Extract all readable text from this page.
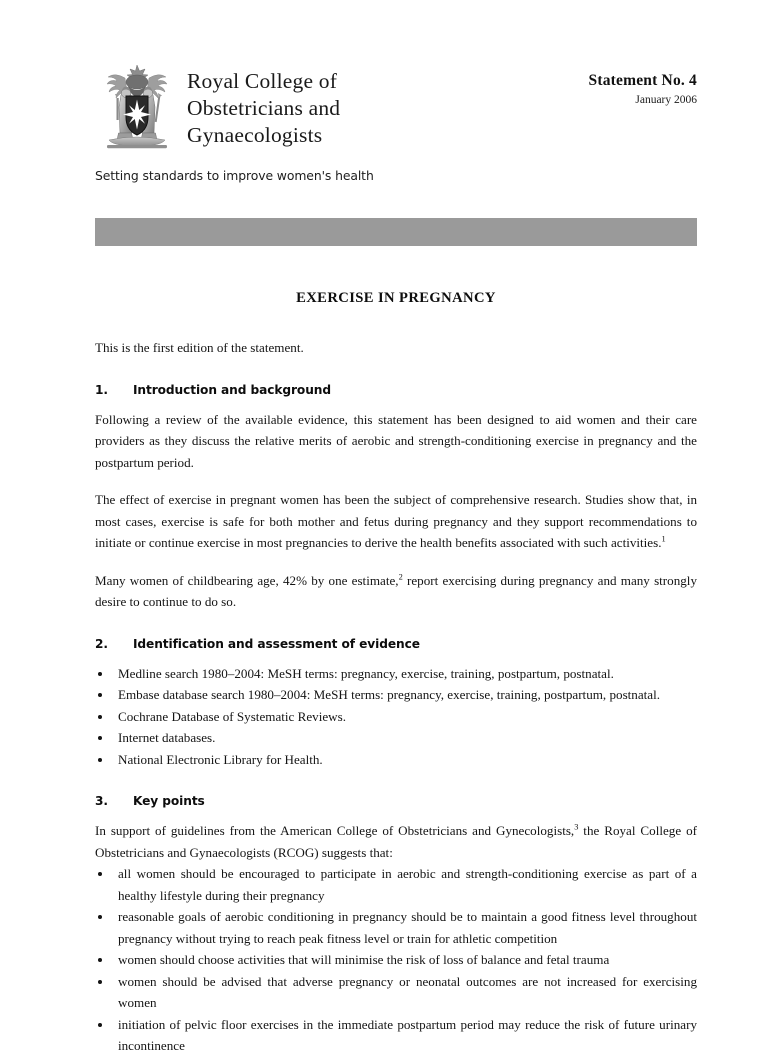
Royal College of
Obstetricians and
Gynaecologists
Setting standards to improve women's health
Statement No. 4
January 2006
EXERCISE IN PREGNANCY

This is the first edition of the statement.

1. Introduction and background

Following a review of the available evidence, this statement has been designed to aid women and their care providers as they discuss the relative merits of aerobic and strength-conditioning exercise in pregnancy and the postpartum period.

The effect of exercise in pregnant women has been the subject of comprehensive research. Studies show that, in most cases, exercise is safe for both mother and fetus during pregnancy and they support recommendations to initiate or continue exercise in most pregnancies to derive the health benefits associated with such activities.$^1$

Many women of childbearing age, 42% by one estimate,$^2$ report exercising during pregnancy and many strongly desire to continue to do so.

2. Identification and assessment of evidence
Medline search 1980–2004: MeSH terms: pregnancy, exercise, training, postpartum, postnatal.
Embase database search 1980–2004: MeSH terms: pregnancy, exercise, training, postpartum, postnatal.
Cochrane Database of Systematic Reviews.
Internet databases.
National Electronic Library for Health.
3. Key points

In support of guidelines from the American College of Obstetricians and Gynecologists,$^3$ the Royal College of Obstetricians and Gynaecologists (RCOG) suggests that:

all women should be encouraged to participate in aerobic and strength-conditioning exercise as part of a healthy lifestyle during their pregnancy
reasonable goals of aerobic conditioning in pregnancy should be to maintain a good fitness level throughout pregnancy without trying to reach peak fitness level or train for athletic competition
women should choose activities that will minimise the risk of loss of balance and fetal trauma
women should be advised that adverse pregnancy or neonatal outcomes are not increased for exercising women
initiation of pelvic floor exercises in the immediate postpartum period may reduce the risk of future urinary incontinence
